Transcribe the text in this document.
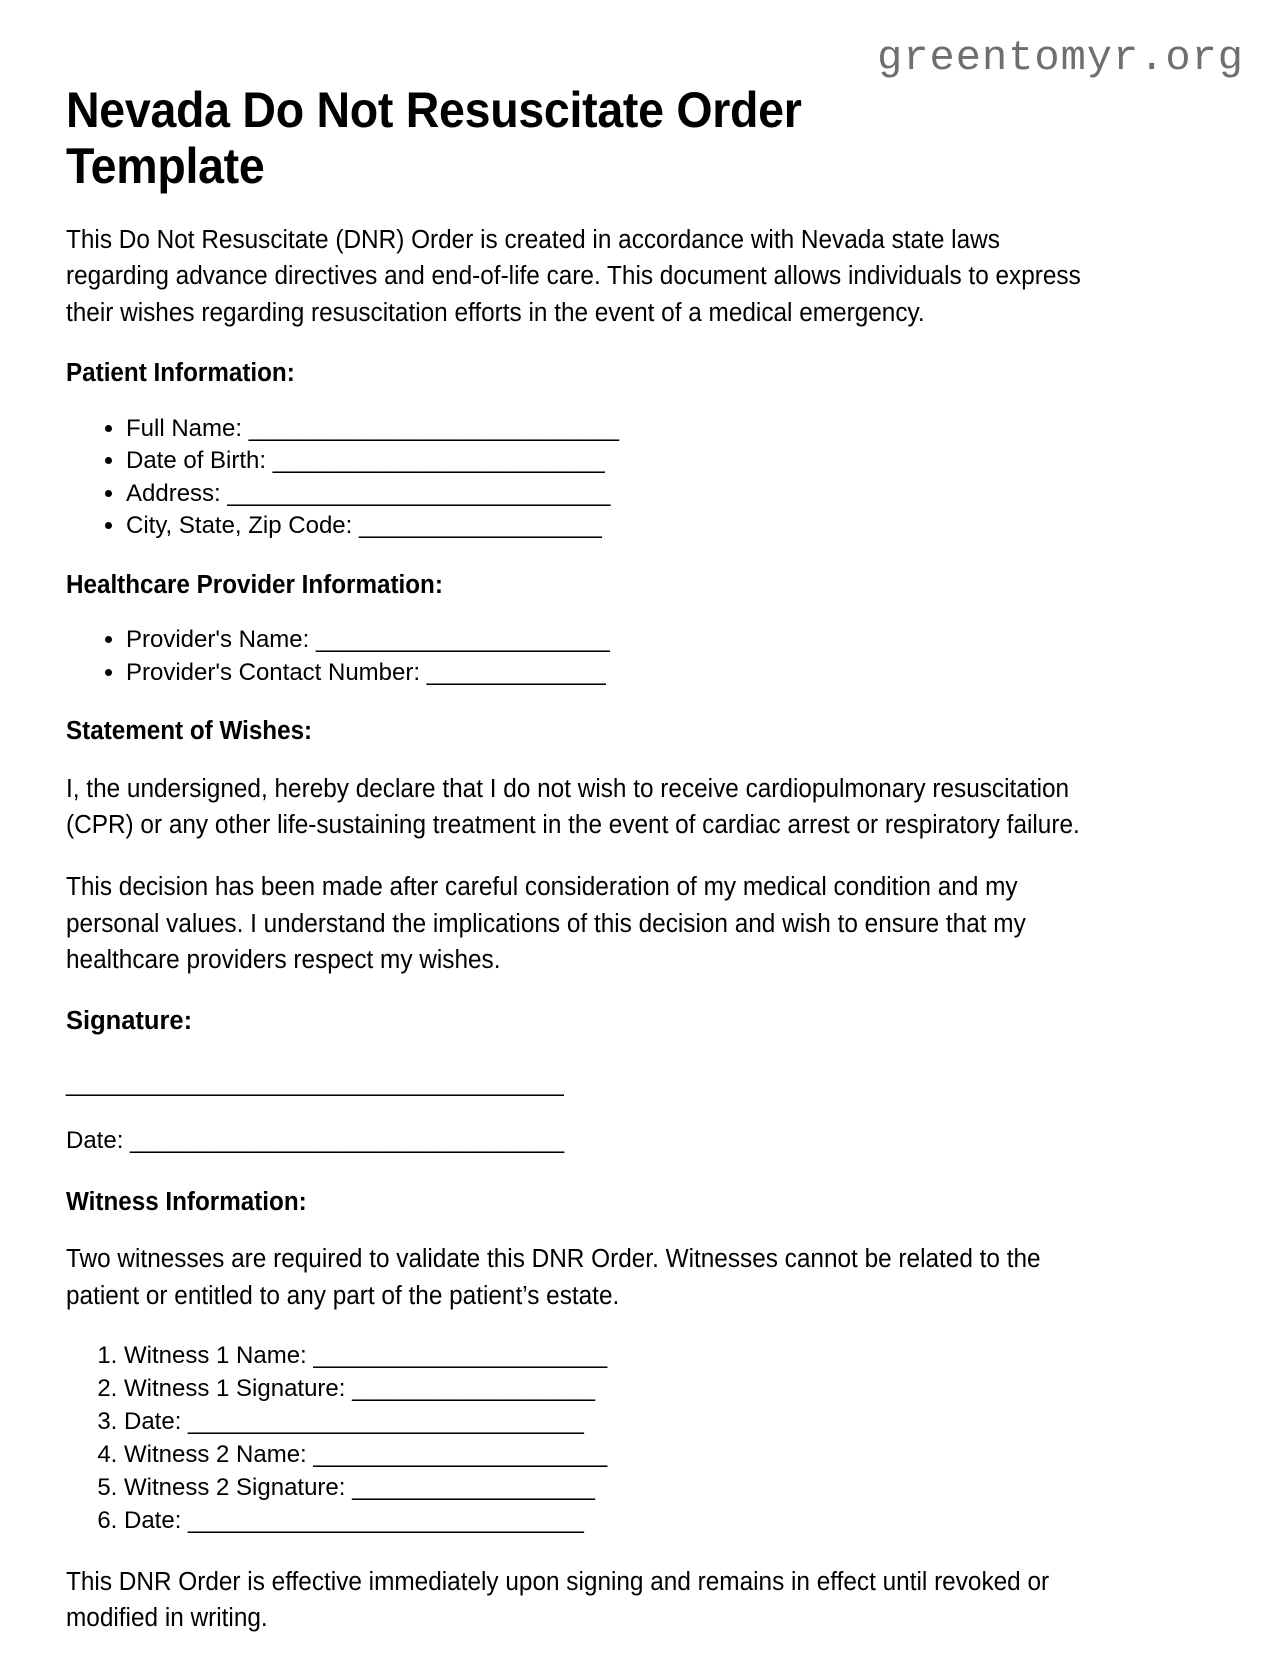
greentomyr.org
Nevada Do Not Resuscitate Order Template

This Do Not Resuscitate (DNR) Order is created in accordance with Nevada state laws regarding advance directives and end-of-life care. This document allows individuals to express their wishes regarding resuscitation efforts in the event of a medical emergency.

Patient Information:
• Full Name: _____________________________
• Date of Birth: __________________________
• Address: ______________________________
• City, State, Zip Code: ___________________
Healthcare Provider Information:
• Provider's Name: _______________________
• Provider's Contact Number: ______________
Statement of Wishes:

I, the undersigned, hereby declare that I do not wish to receive cardiopulmonary resuscitation (CPR) or any other life-sustaining treatment in the event of cardiac arrest or respiratory failure.

This decision has been made after careful consideration of my medical condition and my personal values. I understand the implications of this decision and wish to ensure that my healthcare providers respect my wishes.

Signature:
_______________________________________
Date: __________________________________
Witness Information:

Two witnesses are required to validate this DNR Order. Witnesses cannot be related to the patient or entitled to any part of the patient’s estate.

1. Witness 1 Name: _______________________
2. Witness 1 Signature: ___________________
3. Date: _______________________________
4. Witness 2 Name: _______________________
5. Witness 2 Signature: ___________________
6. Date: _______________________________

This DNR Order is effective immediately upon signing and remains in effect until revoked or modified in writing.
